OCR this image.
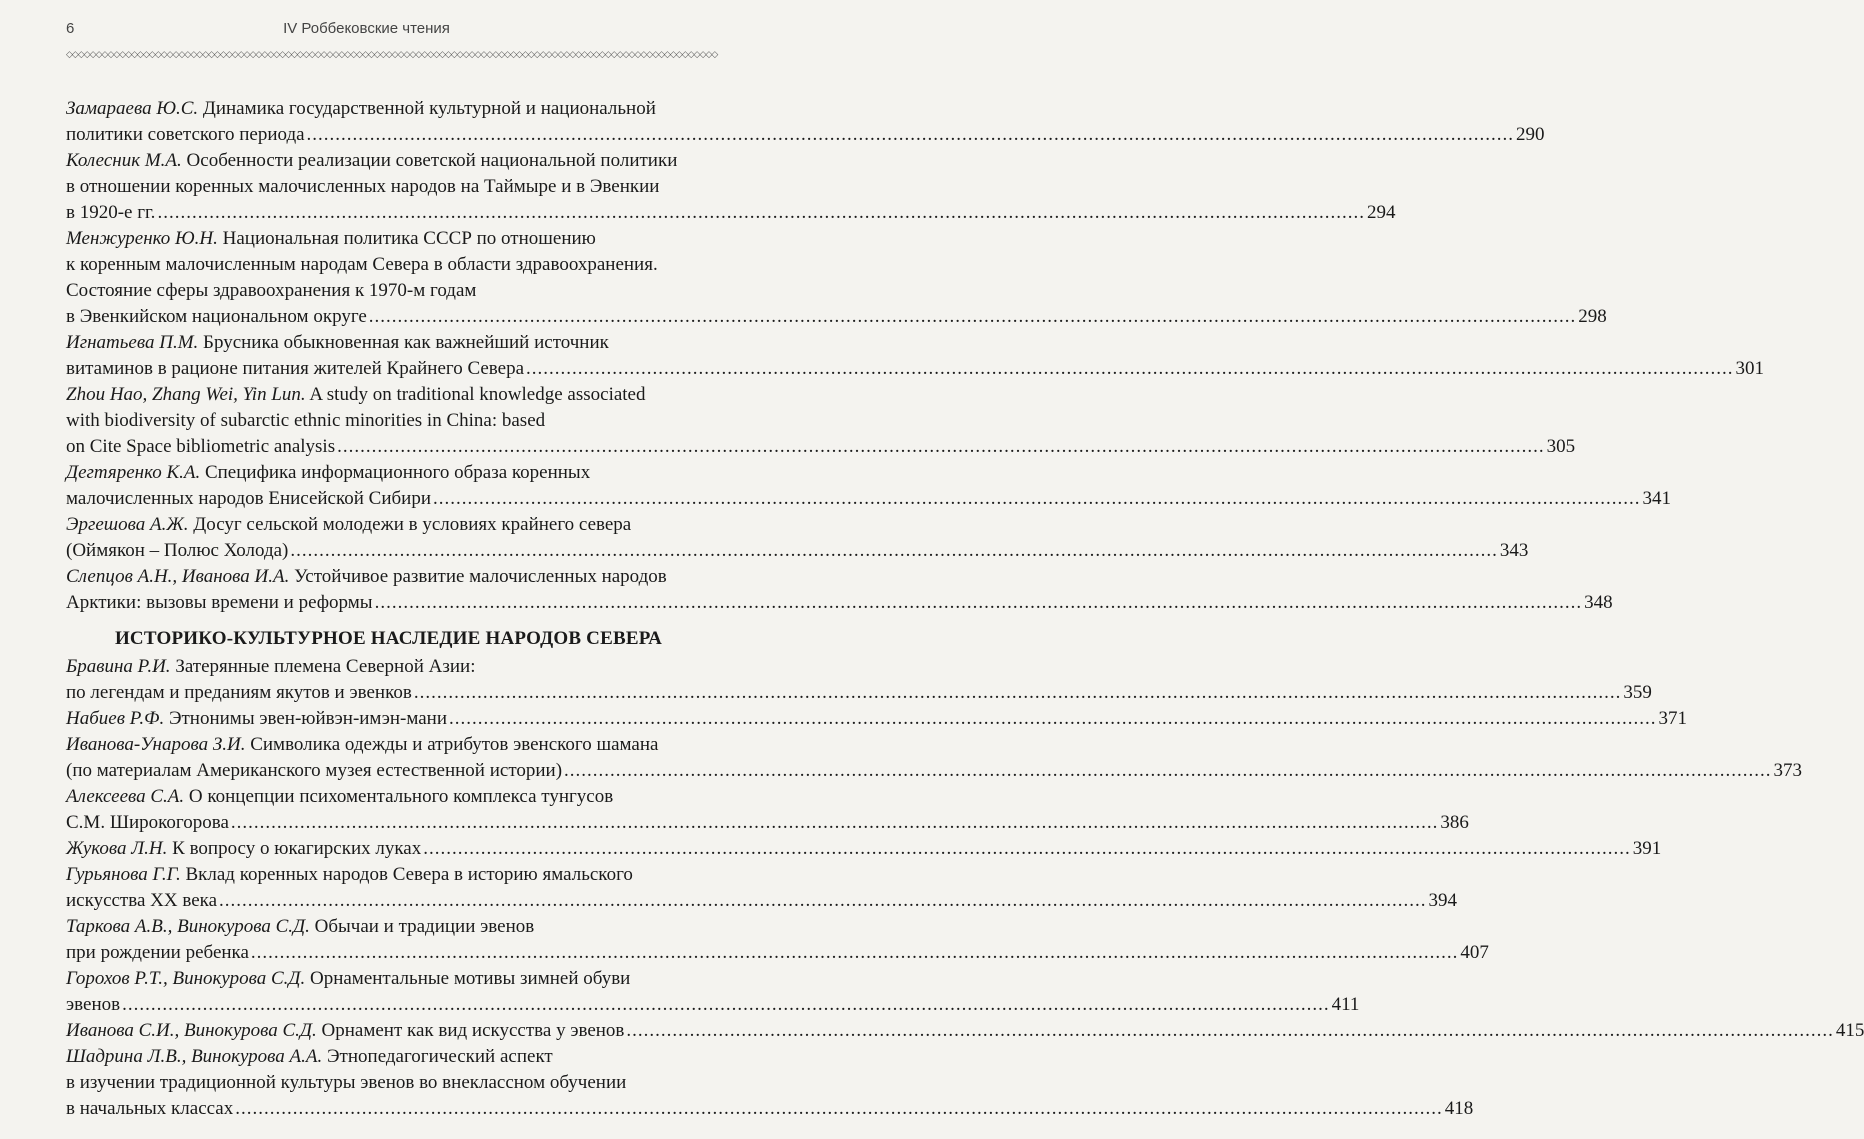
6	IV Роббековские чтения
◇◇◇◇◇◇◇◇◇◇◇◇◇◇◇◇◇◇◇◇◇◇◇◇◇◇◇◇◇◇◇◇◇◇◇◇◇◇◇◇◇◇◇◇◇◇◇◇◇◇◇◇◇◇◇◇◇◇◇◇◇◇◇◇◇◇◇◇◇◇◇◇◇◇◇◇◇◇◇◇◇◇◇◇◇◇◇◇◇◇◇◇◇◇◇◇◇◇◇◇◇◇◇◇◇◇◇◇◇◇
Замараева Ю.С. Динамика государственной культурной и национальной
политики советского периода .................................................................................................................................................................................................................. 290
Колесник М.А. Особенности реализации советской национальной политики
в отношении коренных малочисленных народов на Таймыре и в Эвенкии
в 1920-е гг. .................................................................................................................................................................................................................. 294
Менжуренко Ю.Н. Национальная политика СССР по отношению
к коренным малочисленным народам Севера в области здравоохранения.
Состояние сферы здравоохранения к 1970-м годам
в Эвенкийском национальном округе .................................................................................................................................................................................................................. 298
Игнатьева П.М. Брусника обыкновенная как важнейший источник
витаминов в рационе питания жителей Крайнего Севера .................................................................................................................................................................................................................. 301
Zhou Hao, Zhang Wei, Yin Lun. A study on traditional knowledge associated
with biodiversity of subarctic ethnic minorities in China: based
on Cite Space bibliometric analysis .................................................................................................................................................................................................................. 305
Дегтяренко К.А. Специфика информационного образа коренных
малочисленных народов Енисейской Сибири .................................................................................................................................................................................................................. 341
Эргешова А.Ж. Досуг сельской молодежи в условиях крайнего севера
(Оймякон – Полюс Холода) .................................................................................................................................................................................................................. 343
Слепцов А.Н., Иванова И.А. Устойчивое развитие малочисленных народов
Арктики: вызовы времени и реформы .................................................................................................................................................................................................................. 348
ИСТОРИКО-КУЛЬТУРНОЕ НАСЛЕДИЕ НАРОДОВ СЕВЕРА
Бравина Р.И. Затерянные племена Северной Азии:
по легендам и преданиям якутов и эвенков .................................................................................................................................................................................................................. 359
Набиев Р.Ф. Этнонимы эвен-юйвэн-имэн-мани .................................................................................................................................................................................................................. 371
Иванова-Унарова З.И. Символика одежды и атрибутов эвенского шамана
(по материалам Американского музея естественной истории) .................................................................................................................................................................................................................. 373
Алексеева С.А. О концепции психоментального комплекса тунгусов
С.М. Широкогорова .................................................................................................................................................................................................................. 386
Жукова Л.Н. К вопросу о юкагирских луках .................................................................................................................................................................................................................. 391
Гурьянова Г.Г. Вклад коренных народов Севера в историю ямальского
искусства XX века .................................................................................................................................................................................................................. 394
Таркова А.В., Винокурова С.Д. Обычаи и традиции эвенов
при рождении ребенка .................................................................................................................................................................................................................. 407
Горохов Р.Т., Винокурова С.Д. Орнаментальные мотивы зимней обуви
эвенов .................................................................................................................................................................................................................. 411
Иванова С.И., Винокурова С.Д. Орнамент как вид искусства у эвенов .................................................................................................................................................................................................................. 415
Шадрина Л.В., Винокурова А.А. Этнопедагогический аспект
в изучении традиционной культуры эвенов во внеклассном обучении
в начальных классах .................................................................................................................................................................................................................. 418
